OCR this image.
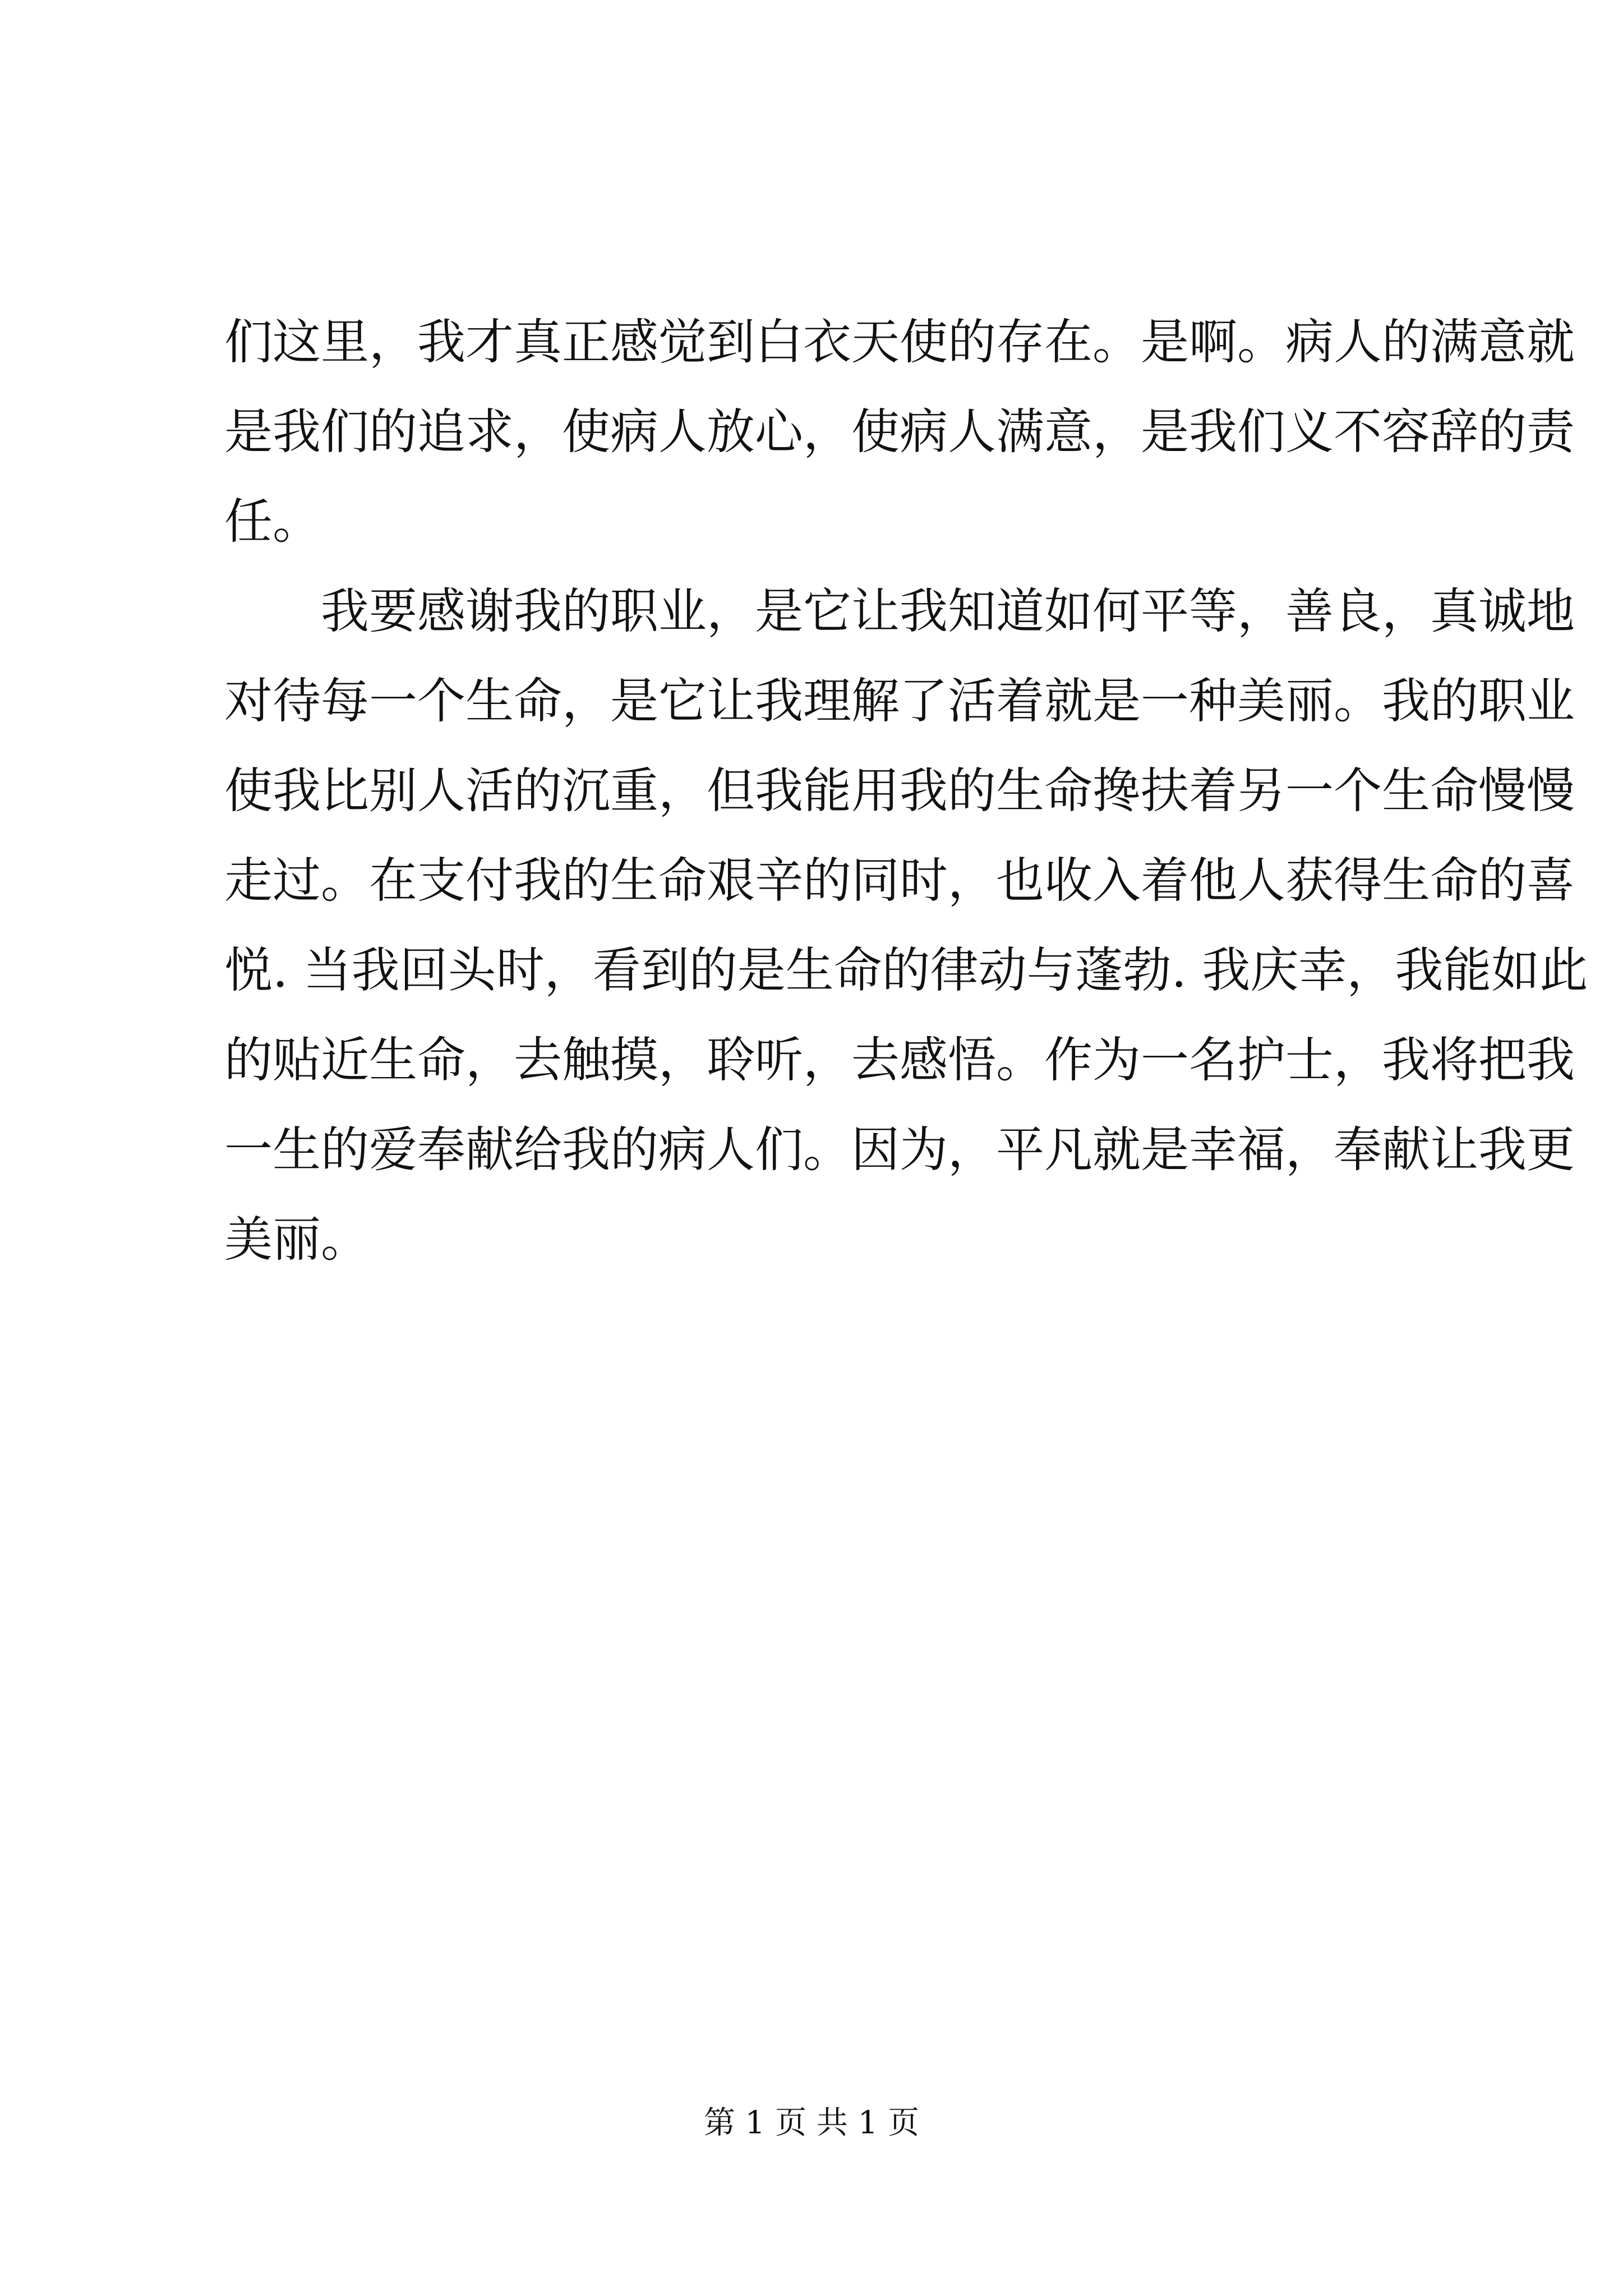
们这里，我才真正感觉到白衣天使的存在。是啊。病人的满意就
是我们的追求，使病人放心，使病人满意，是我们义不容辞的责
任。
　　我要感谢我的职业，是它让我知道如何平等，善良，真诚地
对待每一个生命，是它让我理解了活着就是一种美丽。我的职业
使我比别人活的沉重，但我能用我的生命搀扶着另一个生命慢慢
走过。在支付我的生命艰辛的同时，也收入着他人获得生命的喜
悦. 当我回头时，看到的是生命的律动与蓬勃. 我庆幸，我能如此
的贴近生命，去触摸，聆听，去感悟。作为一名护士，我将把我
一生的爱奉献给我的病人们。因为，平凡就是幸福，奉献让我更
美丽。
第 1 页 共 1 页
